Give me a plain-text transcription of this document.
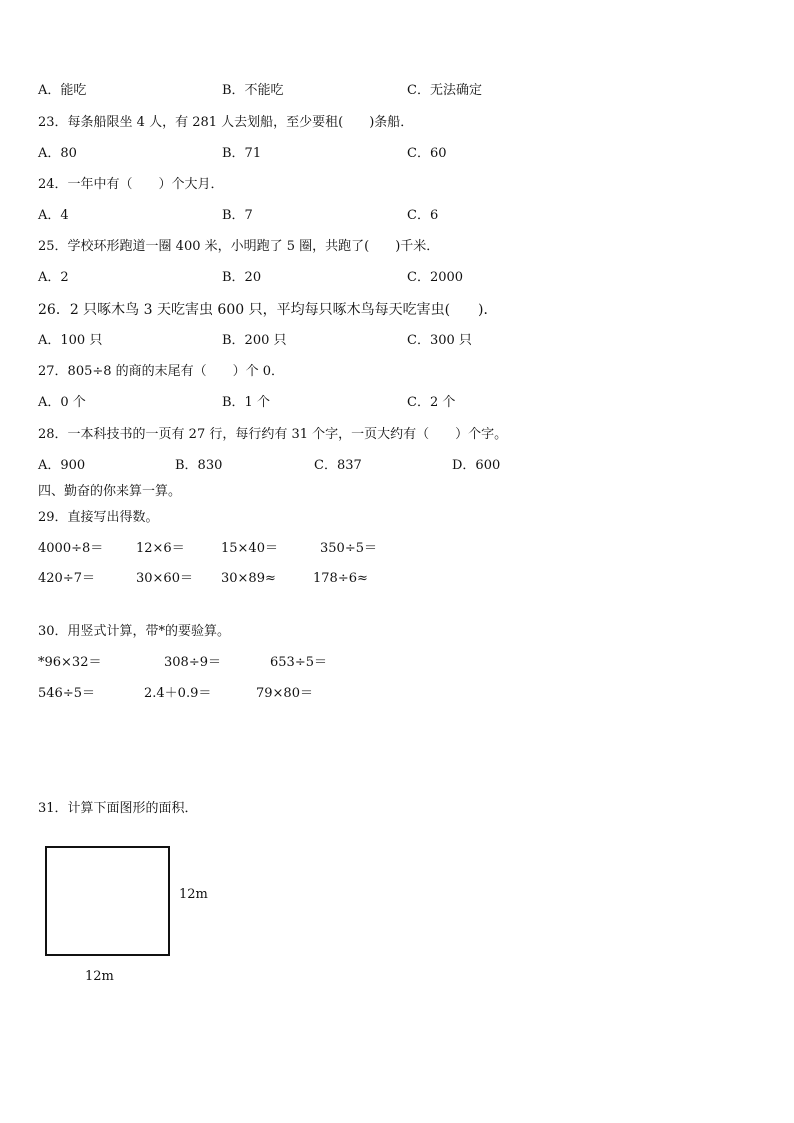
A．能吃	B．不能吃	C．无法确定
23．每条船限坐 4 人，有 281 人去划船，至少要租(　　)条船．
A．80	B．71	C．60
24．一年中有（　　）个大月．
A．4	B．7	C．6
25．学校环形跑道一圈 400 米，小明跑了 5 圈，共跑了(　　)千米．
A．2	B．20	C．2000
26．2 只啄木鸟 3 天吃害虫 600 只，平均每只啄木鸟每天吃害虫(　　)．
A．100 只	B．200 只	C．300 只
27．805÷8 的商的末尾有（　　）个 0．
A．0 个	B．1 个	C．2 个
28．一本科技书的一页有 27 行，每行约有 31 个字，一页大约有（　　）个字。
A．900	B．830	C．837	D．600
四、勤奋的你来算一算。
29．直接写出得数。
4000÷8＝	12×6＝	15×40＝	350÷5＝
420÷7＝	30×60＝ 30×89≈	178÷6≈
30．用竖式计算，带*的要验算。
*96×32＝	308÷9＝	653÷5＝
546÷5＝	2.4＋0.9＝	79×80＝
31．计算下面图形的面积．
12m
12m
